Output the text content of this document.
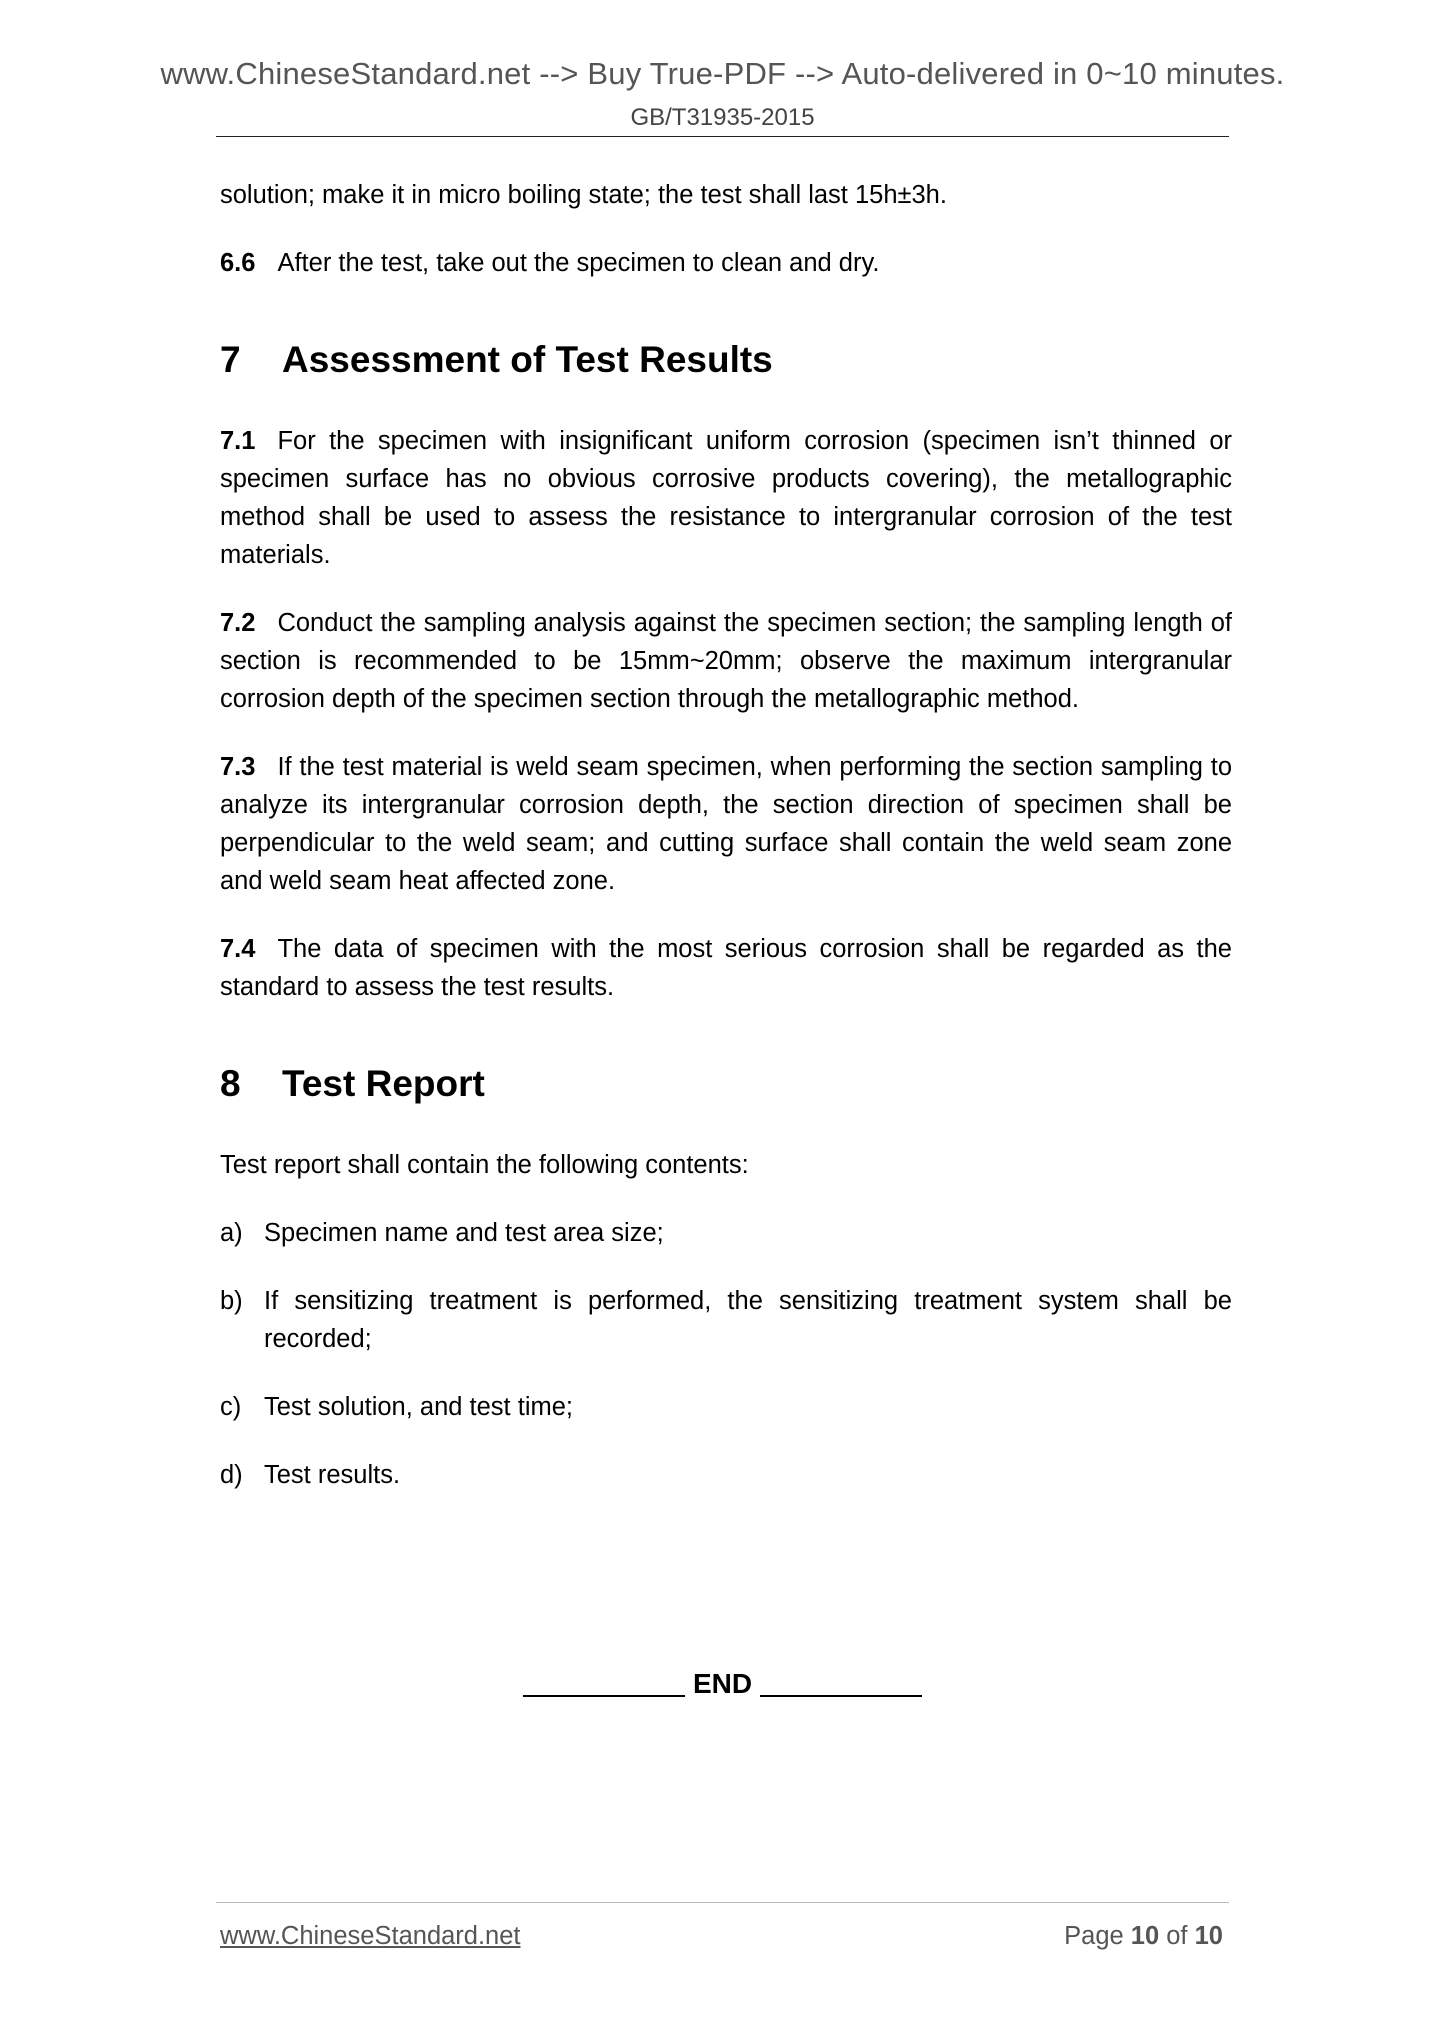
www.ChineseStandard.net --> Buy True-PDF --> Auto-delivered in 0~10 minutes.
GB/T31935-2015

solution; make it in micro boiling state; the test shall last 15h±3h.

6.6 After the test, take out the specimen to clean and dry.

7 Assessment of Test Results

7.1 For the specimen with insignificant uniform corrosion (specimen isn’t thinned or specimen surface has no obvious corrosive products covering), the metallographic method shall be used to assess the resistance to intergranular corrosion of the test materials.

7.2 Conduct the sampling analysis against the specimen section; the sampling length of section is recommended to be 15mm~20mm; observe the maximum intergranular corrosion depth of the specimen section through the metallographic method.

7.3 If the test material is weld seam specimen, when performing the section sampling to analyze its intergranular corrosion depth, the section direction of specimen shall be perpendicular to the weld seam; and cutting surface shall contain the weld seam zone and weld seam heat affected zone.

7.4 The data of specimen with the most serious corrosion shall be regarded as the standard to assess the test results.

8 Test Report

Test report shall contain the following contents:

a) Specimen name and test area size;
b) If sensitizing treatment is performed, the sensitizing treatment system shall be recorded;
c) Test solution, and test time;
d) Test results.
END
www.ChineseStandard.net	Page 10 of 10
